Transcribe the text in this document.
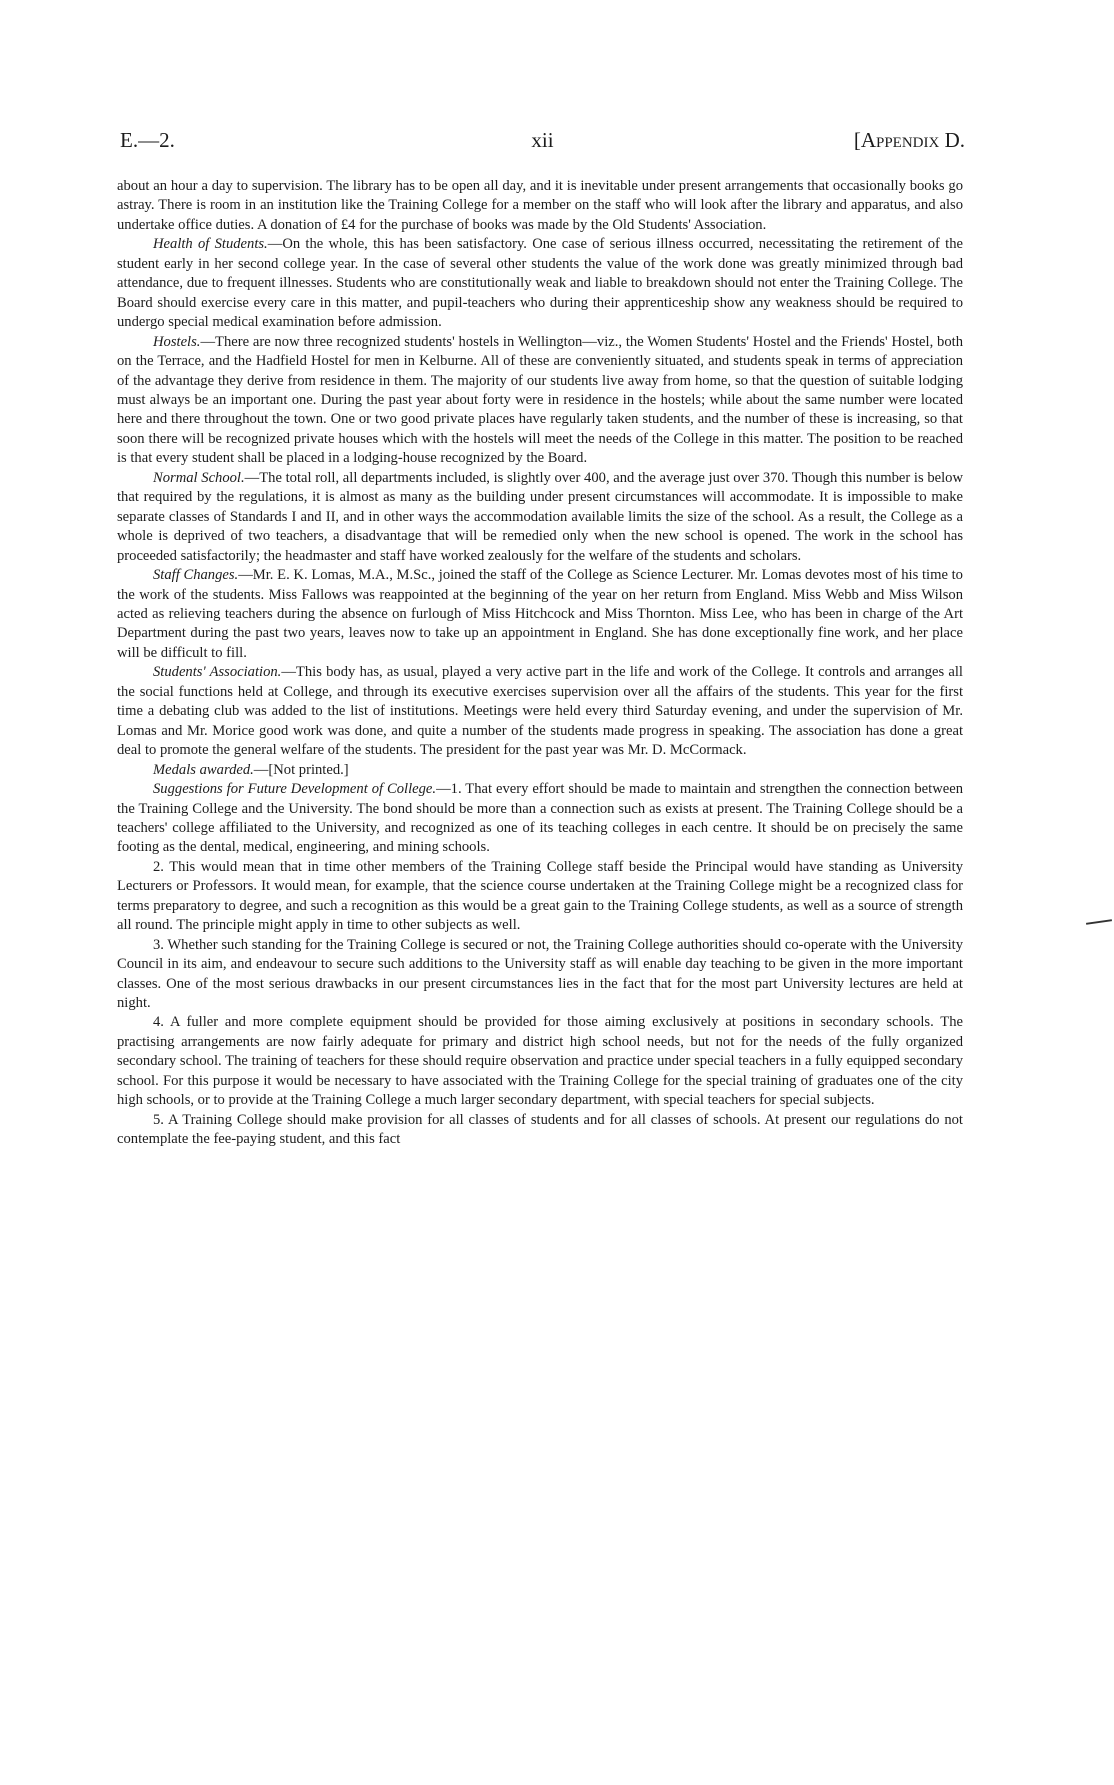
E.—2.	xii	[Appendix D.

about an hour a day to supervision. The library has to be open all day, and it is inevitable under present arrangements that occasionally books go astray. There is room in an institution like the Training College for a member on the staff who will look after the library and apparatus, and also undertake office duties. A donation of £4 for the purchase of books was made by the Old Students' Association.

Health of Students.—On the whole, this has been satisfactory. One case of serious illness occurred, necessitating the retirement of the student early in her second college year. In the case of several other students the value of the work done was greatly minimized through bad attendance, due to frequent illnesses. Students who are constitutionally weak and liable to breakdown should not enter the Training College. The Board should exercise every care in this matter, and pupil-teachers who during their apprenticeship show any weakness should be required to undergo special medical examination before admission.

Hostels.—There are now three recognized students' hostels in Wellington—viz., the Women Students' Hostel and the Friends' Hostel, both on the Terrace, and the Hadfield Hostel for men in Kelburne. All of these are conveniently situated, and students speak in terms of appreciation of the advantage they derive from residence in them. The majority of our students live away from home, so that the question of suitable lodging must always be an important one. During the past year about forty were in residence in the hostels; while about the same number were located here and there throughout the town. One or two good private places have regularly taken students, and the number of these is increasing, so that soon there will be recognized private houses which with the hostels will meet the needs of the College in this matter. The position to be reached is that every student shall be placed in a lodging-house recognized by the Board.

Normal School.—The total roll, all departments included, is slightly over 400, and the average just over 370. Though this number is below that required by the regulations, it is almost as many as the building under present circumstances will accommodate. It is impossible to make separate classes of Standards I and II, and in other ways the accommodation available limits the size of the school. As a result, the College as a whole is deprived of two teachers, a disadvantage that will be remedied only when the new school is opened. The work in the school has proceeded satisfactorily; the headmaster and staff have worked zealously for the welfare of the students and scholars.

Staff Changes.—Mr. E. K. Lomas, M.A., M.Sc., joined the staff of the College as Science Lecturer. Mr. Lomas devotes most of his time to the work of the students. Miss Fallows was reappointed at the beginning of the year on her return from England. Miss Webb and Miss Wilson acted as relieving teachers during the absence on furlough of Miss Hitchcock and Miss Thornton. Miss Lee, who has been in charge of the Art Department during the past two years, leaves now to take up an appointment in England. She has done exceptionally fine work, and her place will be difficult to fill.

Students' Association.—This body has, as usual, played a very active part in the life and work of the College. It controls and arranges all the social functions held at College, and through its executive exercises supervision over all the affairs of the students. This year for the first time a debating club was added to the list of institutions. Meetings were held every third Saturday evening, and under the supervision of Mr. Lomas and Mr. Morice good work was done, and quite a number of the students made progress in speaking. The association has done a great deal to promote the general welfare of the students. The president for the past year was Mr. D. McCormack.

Medals awarded.—[Not printed.]

Suggestions for Future Development of College.—1. That every effort should be made to maintain and strengthen the connection between the Training College and the University. The bond should be more than a connection such as exists at present. The Training College should be a teachers' college affiliated to the University, and recognized as one of its teaching colleges in each centre. It should be on precisely the same footing as the dental, medical, engineering, and mining schools.

2. This would mean that in time other members of the Training College staff beside the Principal would have standing as University Lecturers or Professors. It would mean, for example, that the science course undertaken at the Training College might be a recognized class for terms preparatory to degree, and such a recognition as this would be a great gain to the Training College students, as well as a source of strength all round. The principle might apply in time to other subjects as well.

3. Whether such standing for the Training College is secured or not, the Training College authorities should co-operate with the University Council in its aim, and endeavour to secure such additions to the University staff as will enable day teaching to be given in the more important classes. One of the most serious drawbacks in our present circumstances lies in the fact that for the most part University lectures are held at night.

4. A fuller and more complete equipment should be provided for those aiming exclusively at positions in secondary schools. The practising arrangements are now fairly adequate for primary and district high school needs, but not for the needs of the fully organized secondary school. The training of teachers for these should require observation and practice under special teachers in a fully equipped secondary school. For this purpose it would be necessary to have associated with the Training College for the special training of graduates one of the city high schools, or to provide at the Training College a much larger secondary department, with special teachers for special subjects.

5. A Training College should make provision for all classes of students and for all classes of schools. At present our regulations do not contemplate the fee-paying student, and this fact
